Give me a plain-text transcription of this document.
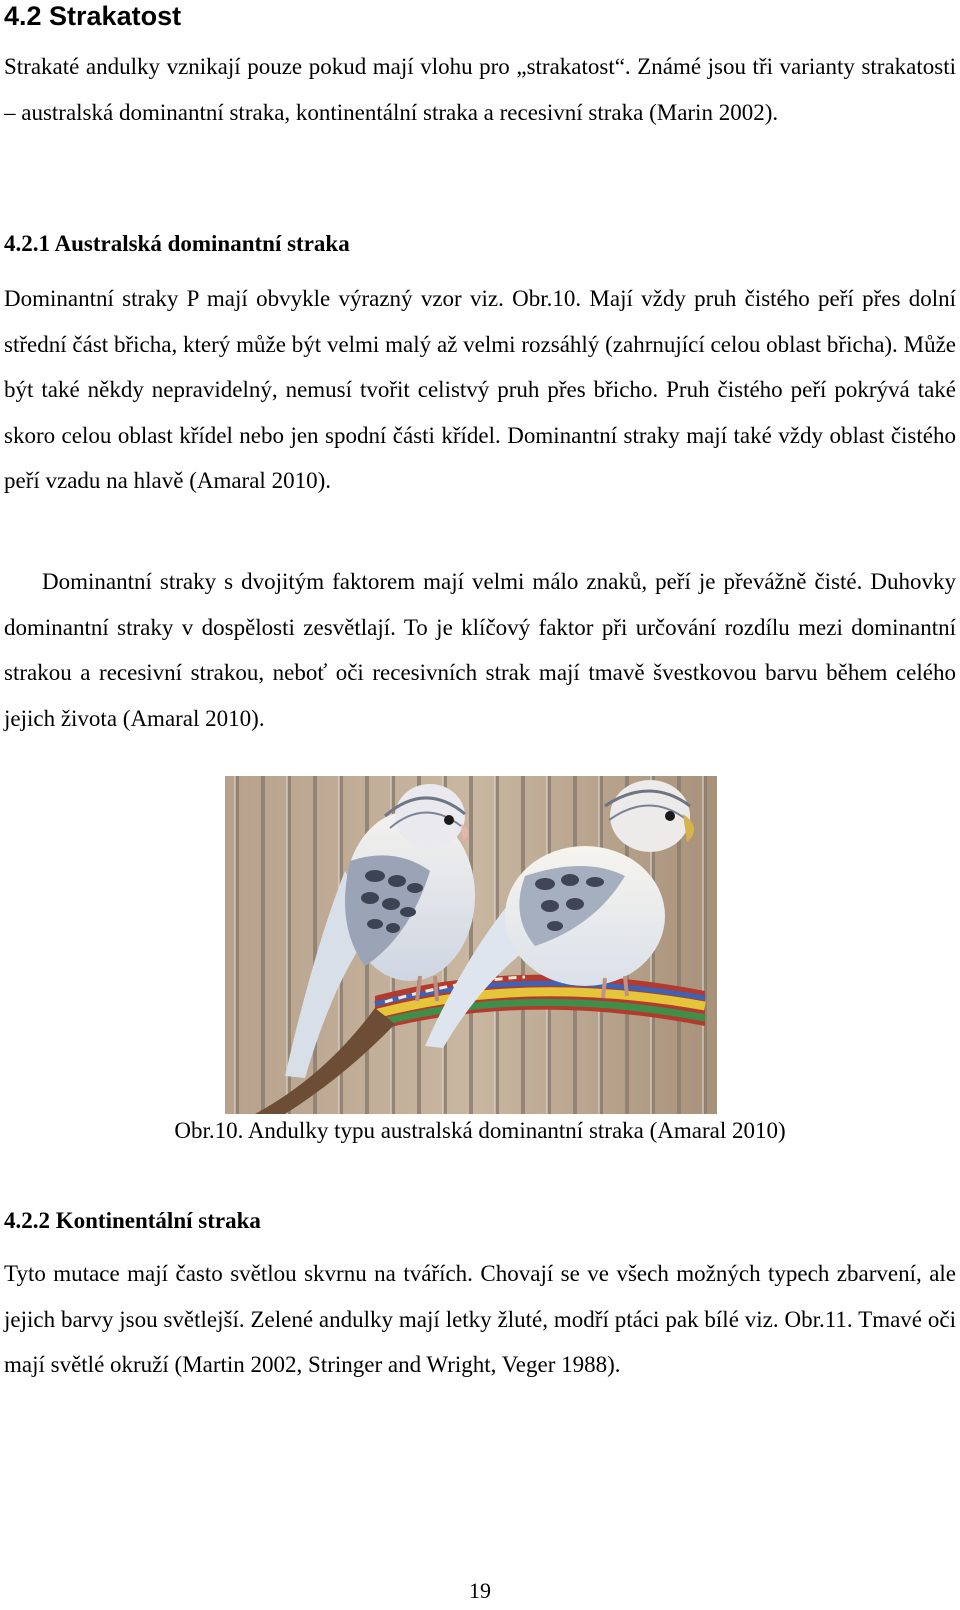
4.2 Strakatost

Strakaté andulky vznikají pouze pokud mají vlohu pro „strakatost“. Známé jsou tři varianty strakatosti – australská dominantní straka, kontinentální straka a recesivní straka (Marin 2002).

4.2.1 Australská dominantní straka

Dominantní straky P mají obvykle výrazný vzor viz. Obr.10. Mají vždy pruh čistého peří přes dolní střední část břicha, který může být velmi malý až velmi rozsáhlý (zahrnující celou oblast břicha). Může být také někdy nepravidelný, nemusí tvořit celistvý pruh přes břicho. Pruh čistého peří pokrývá také skoro celou oblast křídel nebo jen spodní části křídel. Dominantní straky mají také vždy oblast čistého peří vzadu na hlavě (Amaral 2010).

Dominantní straky s dvojitým faktorem mají velmi málo znaků, peří je převážně čisté. Duhovky dominantní straky v dospělosti zesvětlají. To je klíčový faktor při určování rozdílu mezi dominantní strakou a recesivní strakou, neboť oči recesivních strak mají tmavě švestkovou barvu během celého jejich života (Amaral 2010).

Obr.10. Andulky typu australská dominantní straka (Amaral 2010)

4.2.2 Kontinentální straka

Tyto mutace mají často světlou skvrnu na tvářích. Chovají se ve všech možných typech zbarvení, ale jejich barvy jsou světlejší. Zelené andulky mají letky žluté, modří ptáci pak bílé viz. Obr.11. Tmavé oči mají světlé okruží (Martin 2002, Stringer and Wright, Veger 1988).

19
